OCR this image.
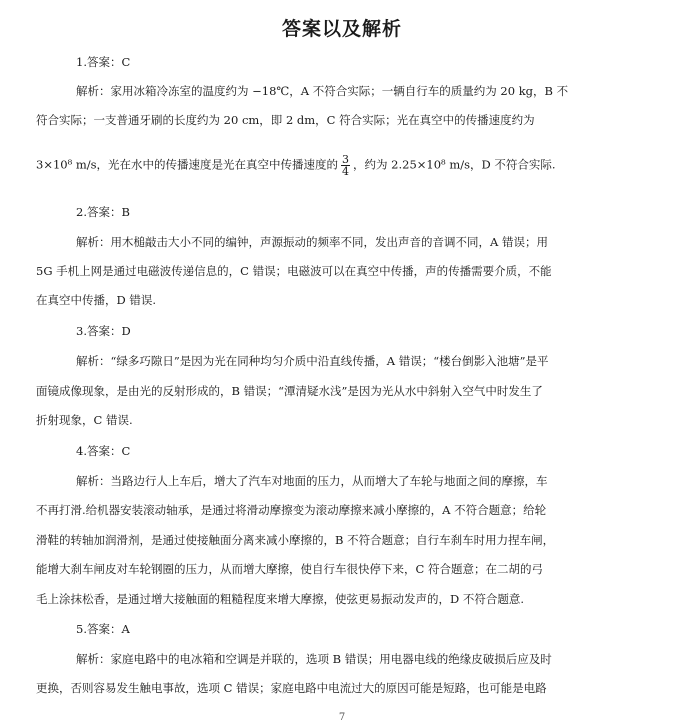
答案以及解析
1.答案：C
解析：家用冰箱冷冻室的温度约为 −18℃，A 不符合实际；一辆自行车的质量约为 20 kg，B 不
符合实际；一支普通牙刷的长度约为 20 cm，即 2 dm，C 符合实际；光在真空中的传播速度约为
3×10⁸ m/s，光在水中的传播速度是光在真空中传播速度的 $\frac{3}{4}$ ，约为 2.25×10⁸ m/s，D 不符合实际.
2.答案：B
解析：用木槌敲击大小不同的编钟，声源振动的频率不同，发出声音的音调不同，A 错误；用
5G 手机上网是通过电磁波传递信息的，C 错误；电磁波可以在真空中传播，声的传播需要介质，不能
在真空中传播，D 错误.
3.答案：D
解析：“绿多巧隙日”是因为光在同种均匀介质中沿直线传播，A 错误；“楼台倒影入池塘”是平
面镜成像现象，是由光的反射形成的，B 错误；“潭清疑水浅”是因为光从水中斜射入空气中时发生了
折射现象，C 错误.
4.答案：C
解析：当路边行人上车后，增大了汽车对地面的压力，从而增大了车轮与地面之间的摩擦，车
不再打滑.给机器安装滚动轴承，是通过将滑动摩擦变为滚动摩擦来减小摩擦的，A 不符合题意；给轮
滑鞋的转轴加润滑剂，是通过使接触面分离来减小摩擦的，B 不符合题意；自行车刹车时用力捏车闸，
能增大刹车闸皮对车轮钢圈的压力，从而增大摩擦，使自行车很快停下来，C 符合题意；在二胡的弓
毛上涂抹松香，是通过增大接触面的粗糙程度来增大摩擦，使弦更易振动发声的，D 不符合题意.
5.答案：A
解析：家庭电路中的电冰箱和空调是并联的，选项 B 错误；用电器电线的绝缘皮破损后应及时
更换，否则容易发生触电事故，选项 C 错误；家庭电路中电流过大的原因可能是短路，也可能是电路
7
